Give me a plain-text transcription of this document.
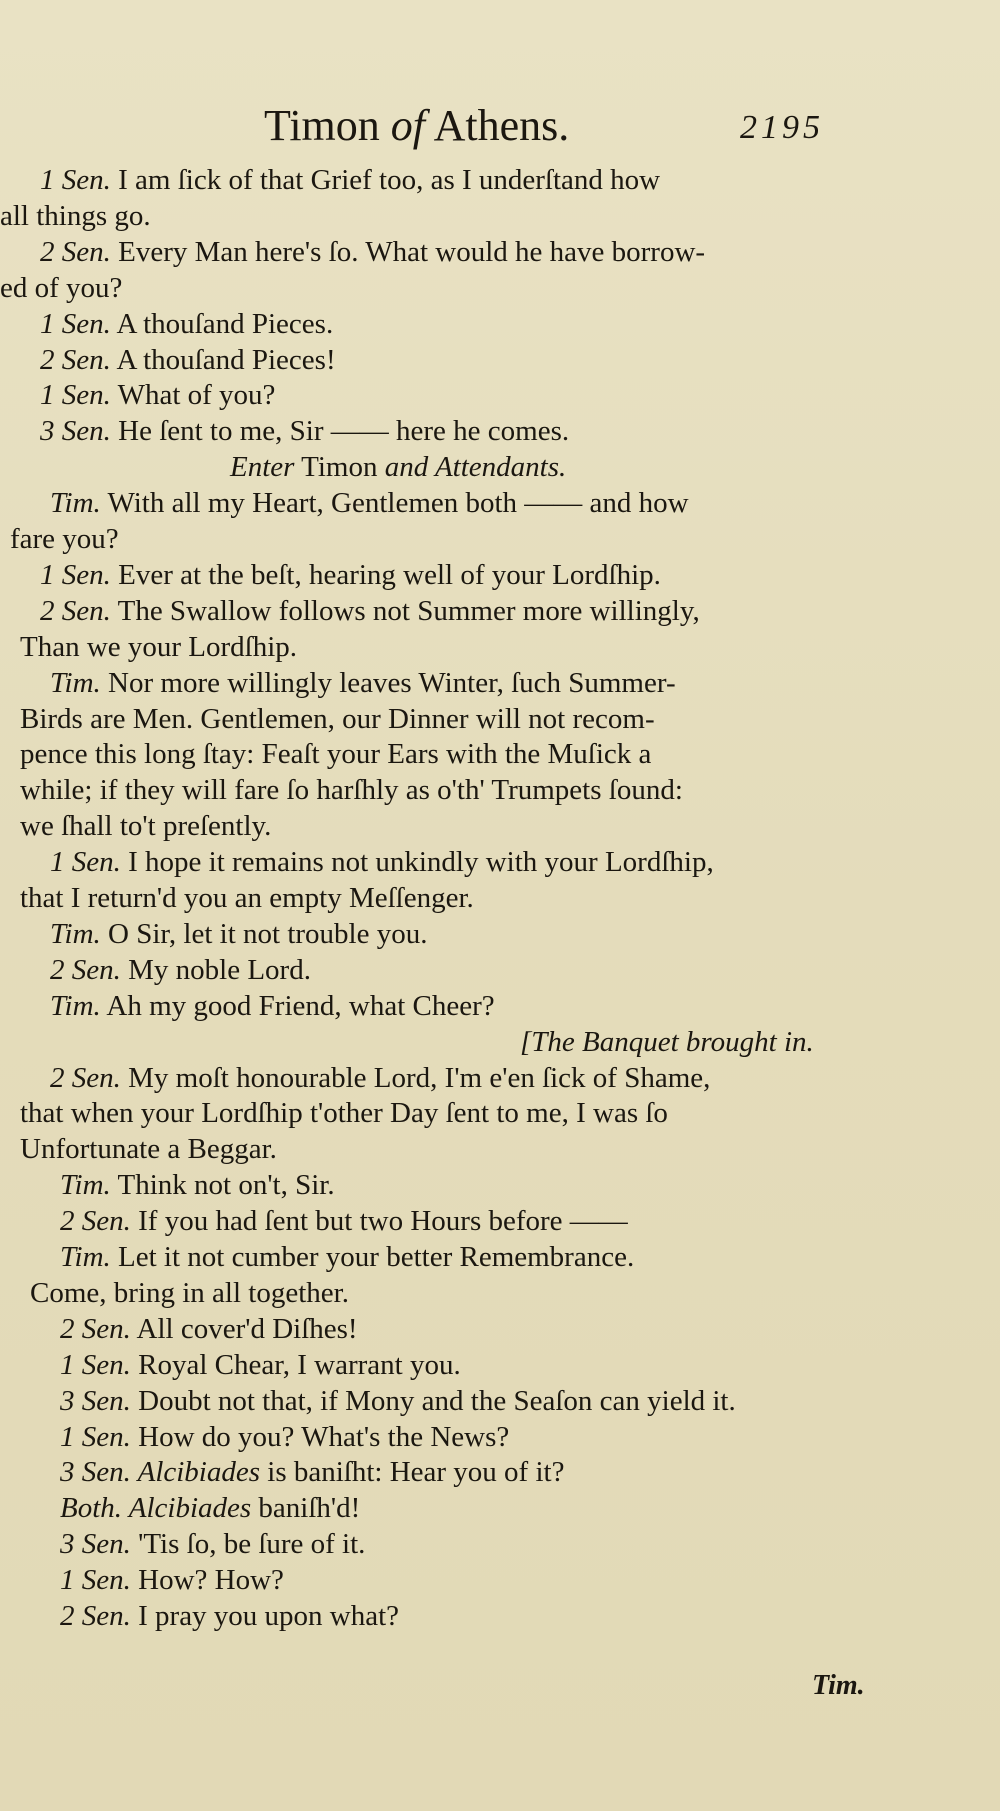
Timon of Athens.	2195
1 Sen. I am ſick of that Grief too, as I underſtand how
all things go.
2 Sen. Every Man here's ſo. What would he have borrow-
ed of you?
1 Sen. A thouſand Pieces.
2 Sen. A thouſand Pieces!
1 Sen. What of you?
3 Sen. He ſent to me, Sir —— here he comes.
Enter Timon and Attendants.
Tim. With all my Heart, Gentlemen both —— and how
fare you?
1 Sen. Ever at the beſt, hearing well of your Lordſhip.
2 Sen. The Swallow follows not Summer more willingly,
Than we your Lordſhip.
Tim. Nor more willingly leaves Winter, ſuch Summer-
Birds are Men. Gentlemen, our Dinner will not recom-
pence this long ſtay: Feaſt your Ears with the Muſick a
while; if they will fare ſo harſhly as o'th' Trumpets ſound:
we ſhall to't preſently.
1 Sen. I hope it remains not unkindly with your Lordſhip,
that I return'd you an empty Meſſenger.
Tim. O Sir, let it not trouble you.
2 Sen. My noble Lord.
Tim. Ah my good Friend, what Cheer?
[The Banquet brought in.
2 Sen. My moſt honourable Lord, I'm e'en ſick of Shame,
that when your Lordſhip t'other Day ſent to me, I was ſo
Unfortunate a Beggar.
Tim. Think not on't, Sir.
2 Sen. If you had ſent but two Hours before ——
Tim. Let it not cumber your better Remembrance.
Come, bring in all together.
2 Sen. All cover'd Diſhes!
1 Sen. Royal Chear, I warrant you.
3 Sen. Doubt not that, if Mony and the Seaſon can yield it.
1 Sen. How do you? What's the News?
3 Sen. Alcibiades is baniſht: Hear you of it?
Both. Alcibiades baniſh'd!
3 Sen. 'Tis ſo, be ſure of it.
1 Sen. How? How?
2 Sen. I pray you upon what?
Tim.
